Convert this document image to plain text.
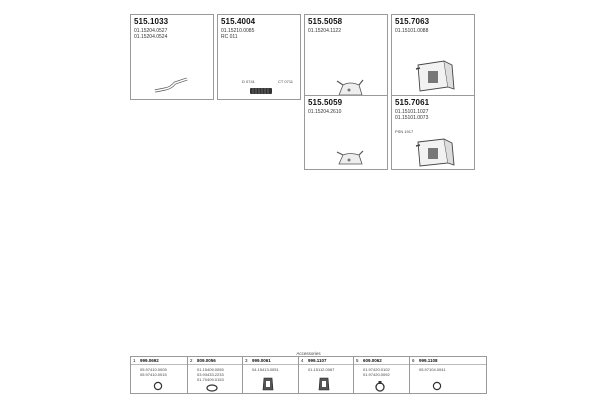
515.1033
01.15204.0527
01.15204.0524
515.4004
01.15210.0085
RC 011
D 0741	CT 0711
515.5058
01.15204.1122
515.7063
01.15101.0088
515.5059
01.15204.2610
515.7061
01.15101.1027
01.15101.0073
PSN 1917
Accessories
1 999.0692
05.97410.0005
05.97410.0015
2 809.0056
01.15409.0055
03.93433.2233
01.70409.0153
3 999.0061
04.15413.0051
4 999.1107
01.15112.0067
5 609.0062
01.97420.0102
01.97420.0092
6 999.1108
05.97104.0041
